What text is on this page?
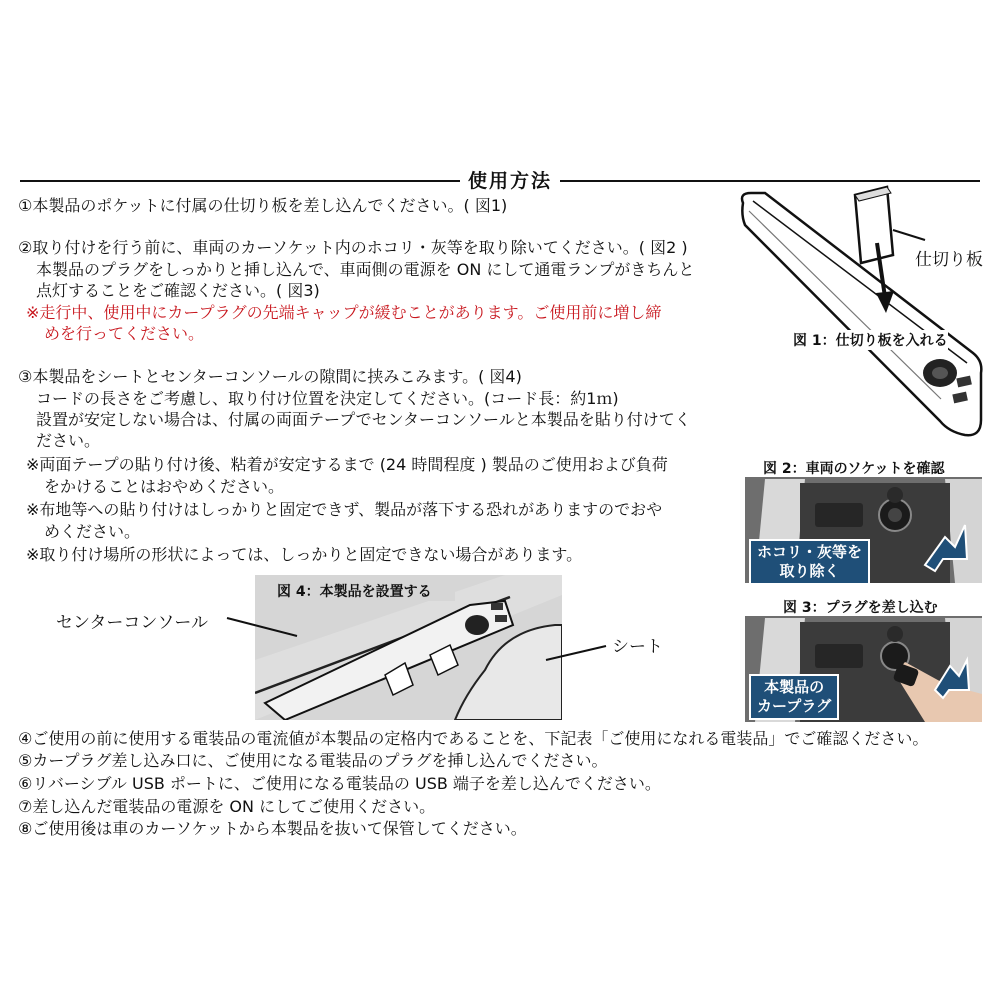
使用方法
①本製品のポケットに付属の仕切り板を差し込んでください。( 図1)
②取り付けを行う前に、車両のカーソケット内のホコリ・灰等を取り除いてください。( 図2 )
本製品のプラグをしっかりと挿し込んで、車両側の電源を ON にして通電ランプがきちんと
点灯することをご確認ください。( 図3)
※走行中、使用中にカープラグの先端キャップが緩むことがあります。ご使用前に増し締
めを行ってください。
③本製品をシートとセンターコンソールの隙間に挟みこみます。( 図4)
コードの長さをご考慮し、取り付け位置を決定してください。(コード長：約1ｍ)
設置が安定しない場合は、付属の両面テープでセンターコンソールと本製品を貼り付けてく
ださい。
※両面テープの貼り付け後、粘着が安定するまで (24 時間程度 ) 製品のご使用および負荷
をかけることはおやめください。
※布地等への貼り付けはしっかりと固定できず、製品が落下する恐れがありますのでおや
めください。
※取り付け場所の形状によっては、しっかりと固定できない場合があります。
仕切り板
図 1：仕切り板を入れる
図 2：車両のソケットを確認
ホコリ・灰等を
取り除く
図 3：プラグを差し込む
本製品の
カープラグ
図 4：本製品を設置する
センターコンソール
シート
④ご使用の前に使用する電装品の電流値が本製品の定格内であることを、下記表「ご使用になれる電装品」でご確認ください。
⑤カープラグ差し込み口に、ご使用になる電装品のプラグを挿し込んでください。
⑥リバーシブル USB ポートに、ご使用になる電装品の USB 端子を差し込んでください。
⑦差し込んだ電装品の電源を ON にしてご使用ください。
⑧ご使用後は車のカーソケットから本製品を抜いて保管してください。
